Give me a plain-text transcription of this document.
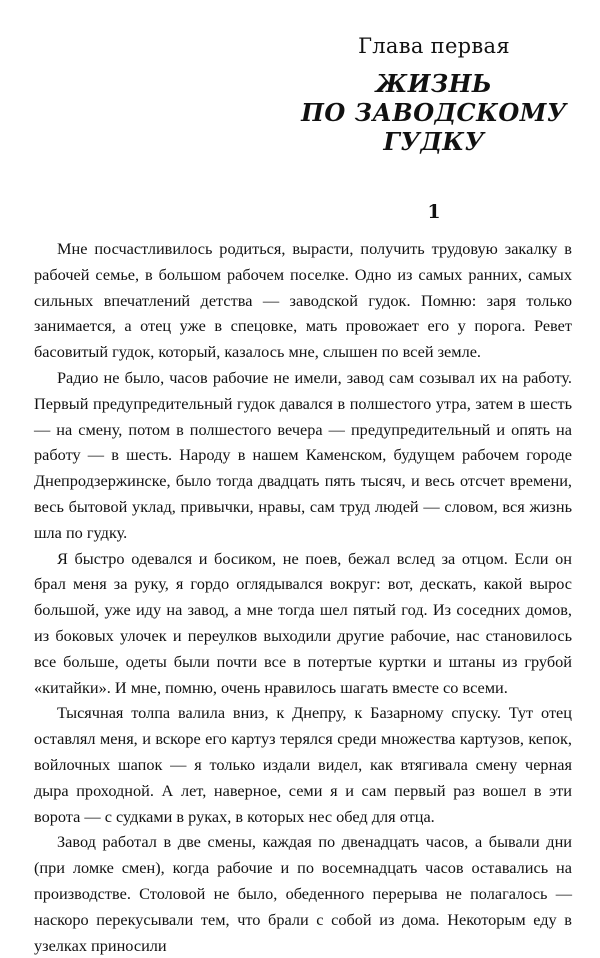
Глава первая
ЖИЗНЬ
ПО ЗАВОДСКОМУ
ГУДКУ
1

Мне посчастливилось родиться, вырасти, получить трудовую закалку в рабочей семье, в большом рабочем поселке. Одно из самых ранних, самых сильных впечатлений детства — заводской гудок. Помню: заря только занимается, а отец уже в спецовке, мать провожает его у порога. Ревет басовитый гудок, который, казалось мне, слышен по всей земле.

Радио не было, часов рабочие не имели, завод сам созывал их на работу. Первый предупредительный гудок давался в полшестого утра, затем в шесть — на смену, потом в полшестого вечера — предупредительный и опять на работу — в шесть. Народу в нашем Каменском, будущем рабочем городе Днепродзержинске, было тогда двадцать пять тысяч, и весь отсчет времени, весь бытовой уклад, привычки, нравы, сам труд людей — словом, вся жизнь шла по гудку.

Я быстро одевался и босиком, не поев, бежал вслед за отцом. Если он брал меня за руку, я гордо оглядывался вокруг: вот, дескать, какой вырос большой, уже иду на завод, а мне тогда шел пятый год. Из соседних домов, из боковых улочек и переулков выходили другие рабочие, нас становилось все больше, одеты были почти все в потертые куртки и штаны из грубой «китайки». И мне, помню, очень нравилось шагать вместе со всеми.

Тысячная толпа валила вниз, к Днепру, к Базарному спуску. Тут отец оставлял меня, и вскоре его картуз терялся среди множества картузов, кепок, войлочных шапок — я только издали видел, как втягивала смену черная дыра проходной. А лет, наверное, семи я и сам первый раз вошел в эти ворота — с судками в руках, в которых нес обед для отца.

Завод работал в две смены, каждая по двенадцать часов, а бывали дни (при ломке смен), когда рабочие и по восемнадцать часов оставались на производстве. Столовой не было, обеденного перерыва не полагалось — наскоро перекусывали тем, что брали с собой из дома. Некоторым еду в узелках приносили
